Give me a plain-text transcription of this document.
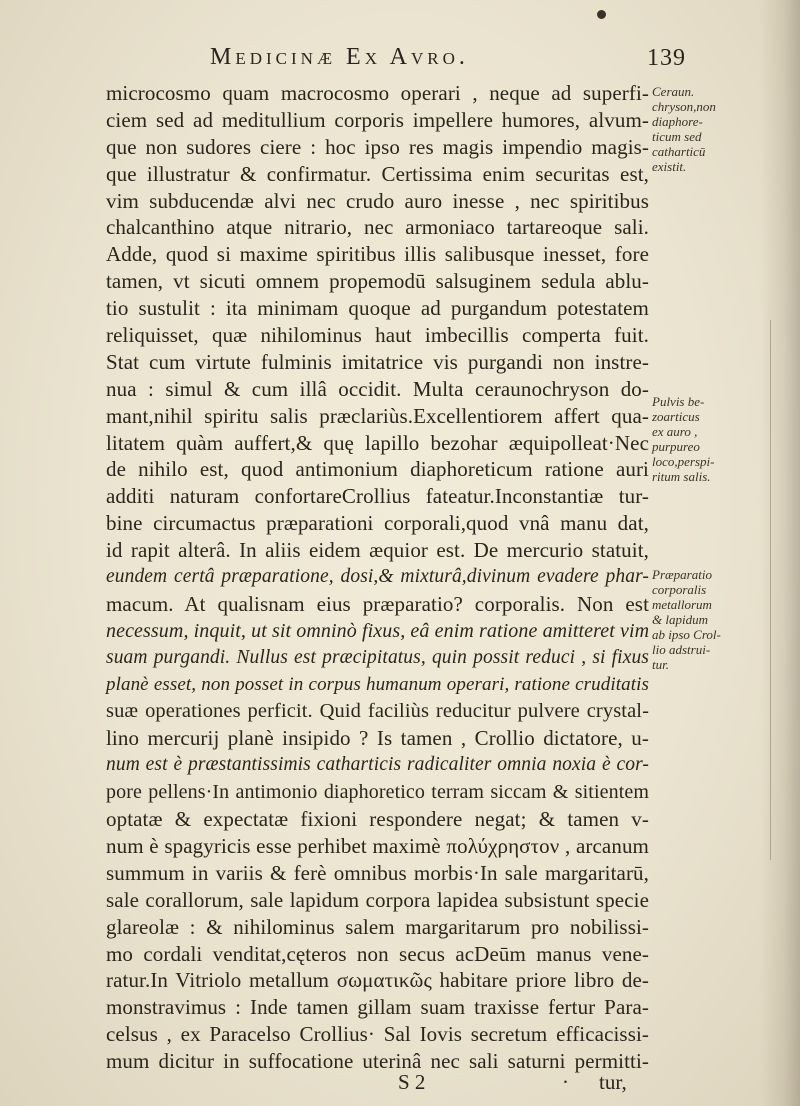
Medicinæ Ex Avro.	139
microcosmo quam macrocosmo operari , neque ad superfi-
ciem sed ad meditullium corporis impellere humores, alvum-
que non sudores ciere : hoc ipso res magis impendio magis-
que illustratur & confirmatur. Certissima enim securitas est,
vim subducendæ alvi nec crudo auro inesse , nec spiritibus
chalcanthino atque nitrario, nec armoniaco tartareoque sali.
Adde, quod si maxime spiritibus illis salibusque inesset, fore
tamen, vt sicuti omnem propemodū salsuginem sedula ablu-
tio sustulit : ita minimam quoque ad purgandum potestatem
reliquisset, quæ nihilominus haut imbecillis comperta fuit.
Stat cum virtute fulminis imitatrice vis purgandi non instre-
nua : simul & cum illâ occidit. Multa ceraunochryson do-
mant,nihil spiritu salis præclariùs.Excellentiorem affert qua-
litatem quàm auffert,& quę lapillo bezohar æquipolleat·Nec
de nihilo est, quod antimonium diaphoreticum ratione auri
additi naturam confortareCrollius fateatur.Inconstantiæ tur-
bine circumactus præparationi corporali,quod vnâ manu dat,
id rapit alterâ. In aliis eidem æquior est. De mercurio statuit,
eundem certâ præparatione, dosi,& mixturâ,divinum evadere phar-
macum. At qualisnam eius præparatio? corporalis. Non est
necessum, inquit, ut sit omninò fixus, eâ enim ratione amitteret vim
suam purgandi. Nullus est præcipitatus, quin possit reduci , si fixus
planè esset, non posset in corpus humanum operari, ratione cruditatis
suæ operationes perficit. Quid faciliùs reducitur pulvere crystal-
lino mercurij planè insipido ? Is tamen , Crollio dictatore, u-
num est è præstantissimis catharticis radicaliter omnia noxia è cor-
pore pellens·In antimonio diaphoretico terram siccam & sitientem
optatæ & expectatæ fixioni respondere negat; & tamen v-
num è spagyricis esse perhibet maximè πολύχρηστον , arcanum
summum in variis & ferè omnibus morbis·In sale margaritarū,
sale corallorum, sale lapidum corpora lapidea subsistunt specie
glareolæ : & nihilominus salem margaritarum pro nobilissi-
mo cordali venditat,cęteros non secus acDeūm manus vene-
ratur.In Vitriolo metallum σωματικῶς habitare priore libro de-
monstravimus : Inde tamen gillam suam traxisse fertur Para-
celsus , ex Paracelso Crollius· Sal Iovis secretum efficacissi-
mum dicitur in suffocatione uterinâ nec sali saturni permitti-
Ceraun.
chryson,non
diaphore-
ticum sed
catharticū
existit.
Pulvis be-
zoarticus
ex auro ,
purpureo
loco,perspi-
ritum salis.
Præparatio
corporalis
metallorum
& lapidum
ab ipso Crol-
lio adstrui-
tur.
S 2	· tur,
